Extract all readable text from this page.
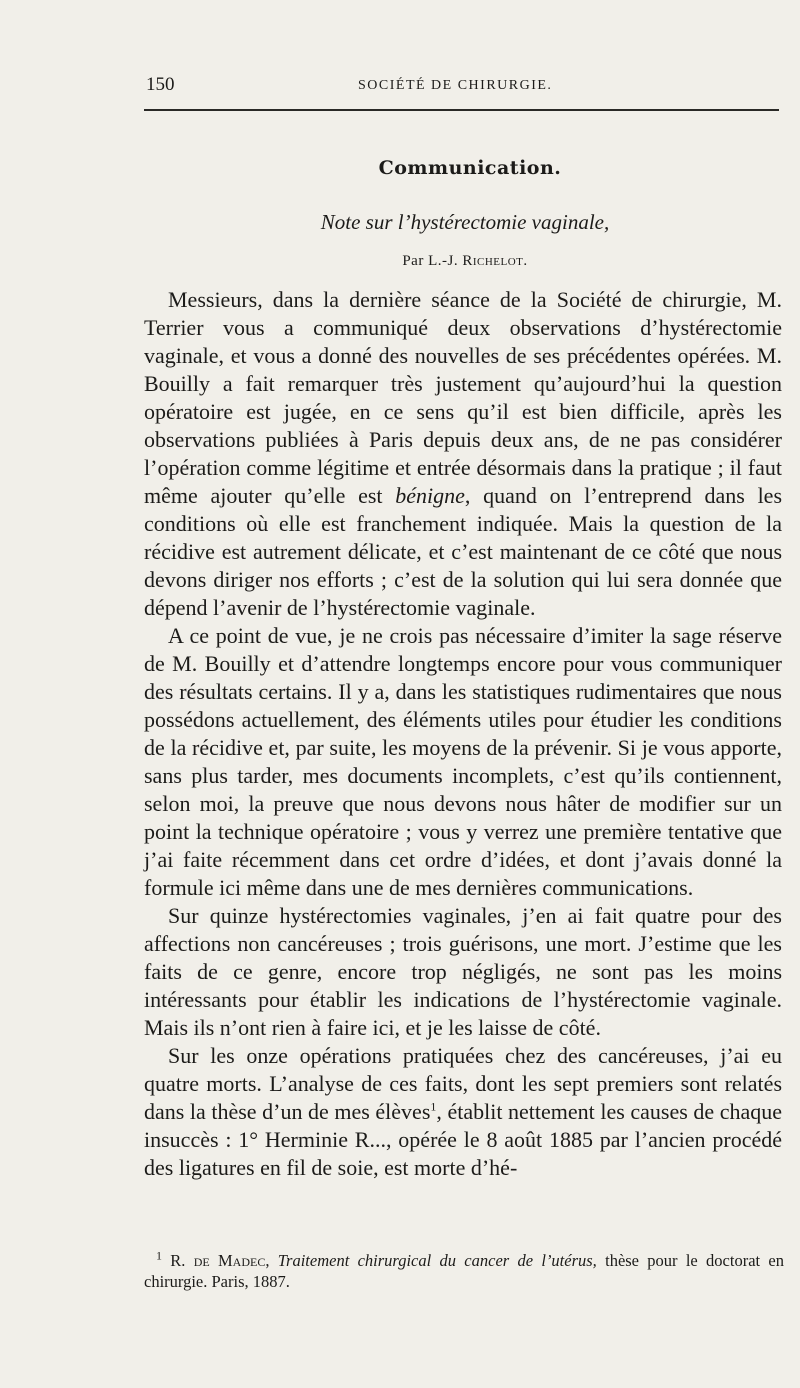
150	SOCIÉTÉ DE CHIRURGIE.
Communication.
Note sur l’hystérectomie vaginale,
Par L.-J. Richelot.

Messieurs, dans la dernière séance de la Société de chirurgie, M. Terrier vous a communiqué deux observations d’hystérectomie vaginale, et vous a donné des nouvelles de ses précédentes opérées. M. Bouilly a fait remarquer très justement qu’aujourd’hui la question opératoire est jugée, en ce sens qu’il est bien difficile, après les observations publiées à Paris depuis deux ans, de ne pas considérer l’opération comme légitime et entrée désormais dans la pratique ; il faut même ajouter qu’elle est bénigne, quand on l’entreprend dans les conditions où elle est franchement indiquée. Mais la question de la récidive est autrement délicate, et c’est maintenant de ce côté que nous devons diriger nos efforts ; c’est de la solution qui lui sera donnée que dépend l’avenir de l’hystérectomie vaginale.

A ce point de vue, je ne crois pas nécessaire d’imiter la sage réserve de M. Bouilly et d’attendre longtemps encore pour vous communiquer des résultats certains. Il y a, dans les statistiques rudimentaires que nous possédons actuellement, des éléments utiles pour étudier les conditions de la récidive et, par suite, les moyens de la prévenir. Si je vous apporte, sans plus tarder, mes documents incomplets, c’est qu’ils contiennent, selon moi, la preuve que nous devons nous hâter de modifier sur un point la technique opératoire ; vous y verrez une première tentative que j’ai faite récemment dans cet ordre d’idées, et dont j’avais donné la formule ici même dans une de mes dernières communications.

Sur quinze hystérectomies vaginales, j’en ai fait quatre pour des affections non cancéreuses ; trois guérisons, une mort. J’estime que les faits de ce genre, encore trop négligés, ne sont pas les moins intéressants pour établir les indications de l’hystérectomie vaginale. Mais ils n’ont rien à faire ici, et je les laisse de côté.

Sur les onze opérations pratiquées chez des cancéreuses, j’ai eu quatre morts. L’analyse de ces faits, dont les sept premiers sont relatés dans la thèse d’un de mes élèves$^1$, établit nettement les causes de chaque insuccès : 1° Herminie R..., opérée le 8 août 1885 par l’ancien procédé des ligatures en fil de soie, est morte d’hé-

$^1$ R. de Madec, Traitement chirurgical du cancer de l’utérus, thèse pour le doctorat en chirurgie. Paris, 1887.
